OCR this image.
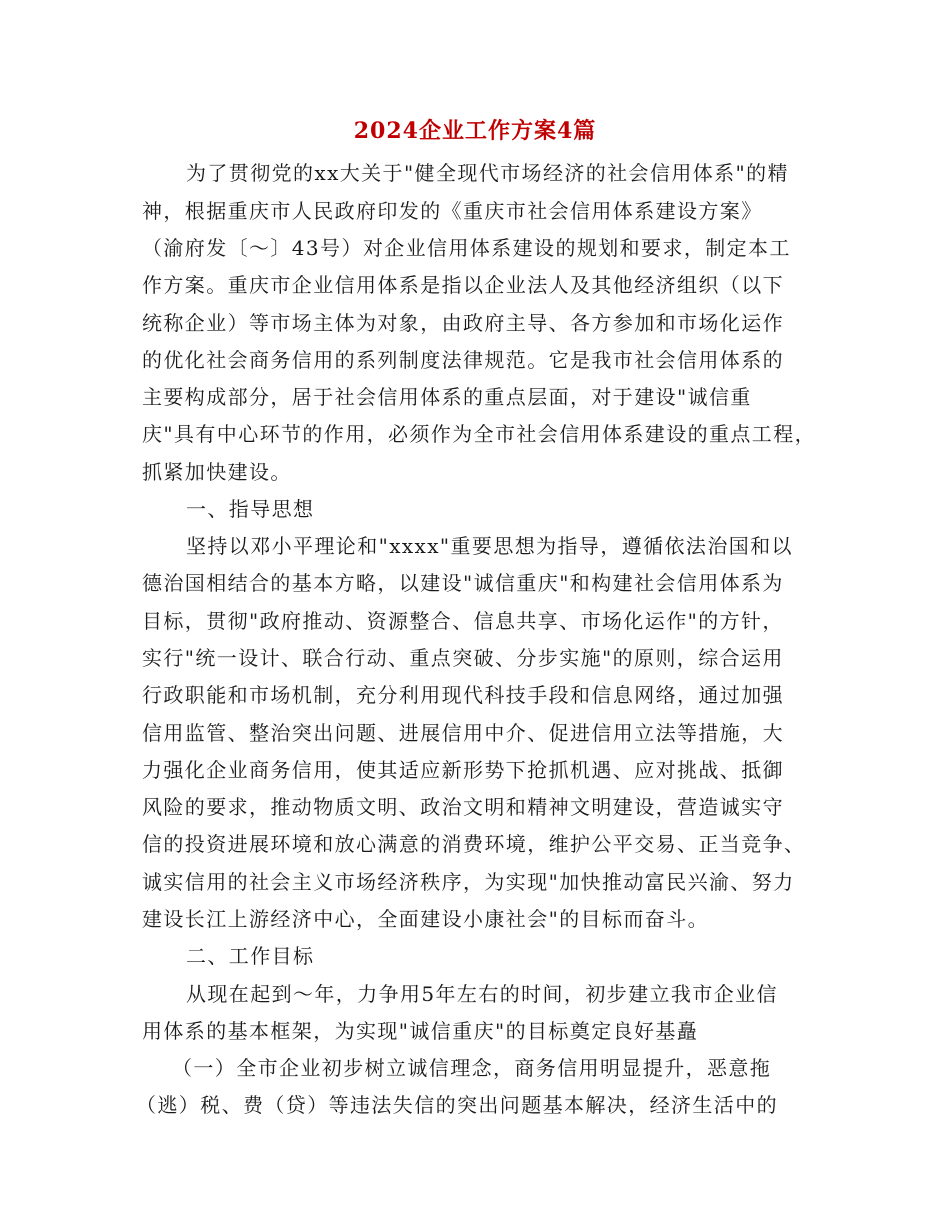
2024企业工作方案4篇
为了贯彻党的xx大关于"健全现代市场经济的社会信用体系"的精
神，根据重庆市人民政府印发的《重庆市社会信用体系建设方案》
（渝府发〔～〕43号）对企业信用体系建设的规划和要求，制定本工
作方案。重庆市企业信用体系是指以企业法人及其他经济组织（以下
统称企业）等市场主体为对象，由政府主导、各方参加和市场化运作
的优化社会商务信用的系列制度法律规范。它是我市社会信用体系的
主要构成部分，居于社会信用体系的重点层面，对于建设"诚信重
庆"具有中心环节的作用，必须作为全市社会信用体系建设的重点工程，
抓紧加快建设。
一、指导思想
坚持以邓小平理论和"xxxx"重要思想为指导，遵循依法治国和以
德治国相结合的基本方略，以建设"诚信重庆"和构建社会信用体系为
目标，贯彻"政府推动、资源整合、信息共享、市场化运作"的方针，
实行"统一设计、联合行动、重点突破、分步实施"的原则，综合运用
行政职能和市场机制，充分利用现代科技手段和信息网络，通过加强
信用监管、整治突出问题、进展信用中介、促进信用立法等措施，大
力强化企业商务信用，使其适应新形势下抢抓机遇、应对挑战、抵御
风险的要求，推动物质文明、政治文明和精神文明建设，营造诚实守
信的投资进展环境和放心满意的消费环境，维护公平交易、正当竞争、
诚实信用的社会主义市场经济秩序，为实现"加快推动富民兴渝、努力
建设长江上游经济中心，全面建设小康社会"的目标而奋斗。
二、工作目标
从现在起到～年，力争用5年左右的时间，初步建立我市企业信
用体系的基本框架，为实现"诚信重庆"的目标奠定良好基矗
（一）全市企业初步树立诚信理念，商务信用明显提升，恶意拖
（逃）税、费（贷）等违法失信的突出问题基本解决，经济生活中的
